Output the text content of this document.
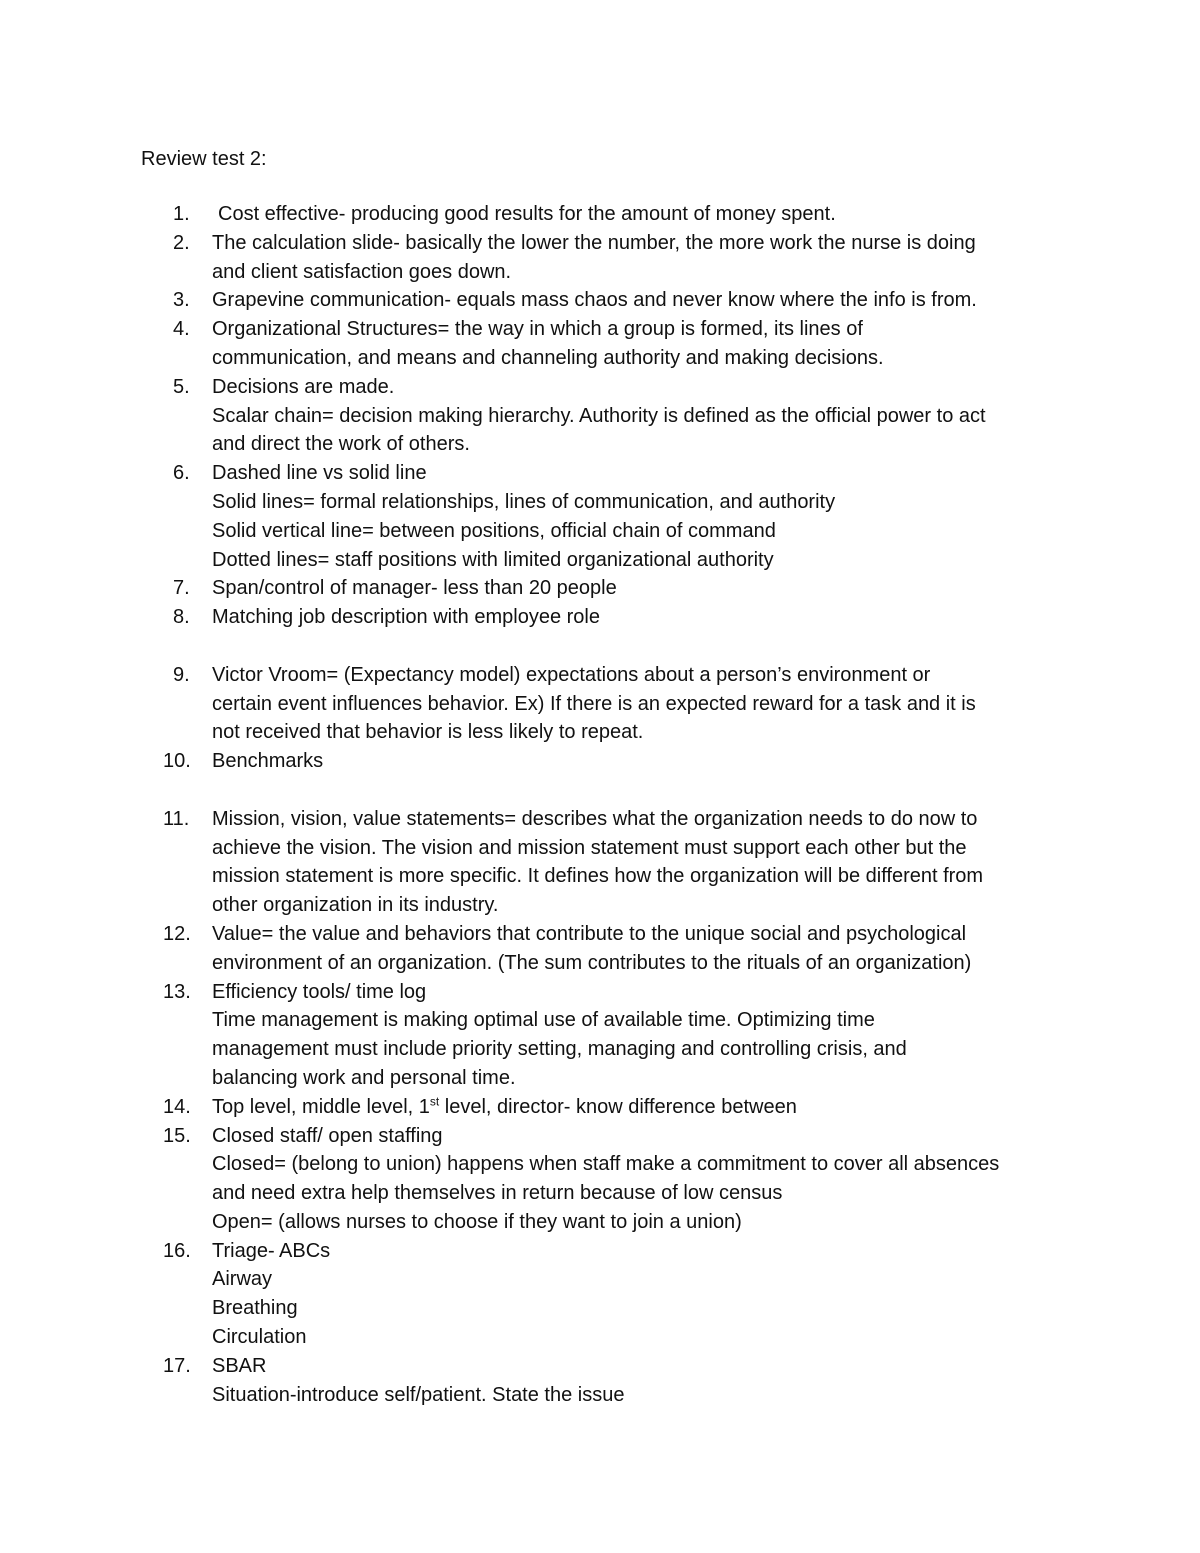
Review test 2:
1.	Cost effective- producing good results for the amount of money spent.
2.	The calculation slide- basically the lower the number, the more work the nurse is doing
and client satisfaction goes down.
3.	Grapevine communication- equals mass chaos and never know where the info is from.
4.	Organizational Structures= the way in which a group is formed, its lines of
communication, and means and channeling authority and making decisions.
5.	Decisions are made.
Scalar chain= decision making hierarchy. Authority is defined as the official power to act
and direct the work of others.
6.	Dashed line vs solid line
Solid lines= formal relationships, lines of communication, and authority
Solid vertical line= between positions, official chain of command
Dotted lines= staff positions with limited organizational authority
7.	Span/control of manager- less than 20 people
8.	Matching job description with employee role
9.	Victor Vroom= (Expectancy model) expectations about a person’s environment or
certain event influences behavior. Ex) If there is an expected reward for a task and it is
not received that behavior is less likely to repeat.
10.	Benchmarks
11.	Mission, vision, value statements= describes what the organization needs to do now to
achieve the vision. The vision and mission statement must support each other but the
mission statement is more specific. It defines how the organization will be different from
other organization in its industry.
12.	Value= the value and behaviors that contribute to the unique social and psychological
environment of an organization. (The sum contributes to the rituals of an organization)
13.	Efficiency tools/ time log
Time management is making optimal use of available time. Optimizing time
management must include priority setting, managing and controlling crisis, and
balancing work and personal time.
14.	Top level, middle level, 1st level, director- know difference between
15.	Closed staff/ open staffing
Closed= (belong to union) happens when staff make a commitment to cover all absences
and need extra help themselves in return because of low census
Open= (allows nurses to choose if they want to join a union)
16.	Triage- ABCs
Airway
Breathing
Circulation
17.	SBAR
Situation-introduce self/patient. State the issue
